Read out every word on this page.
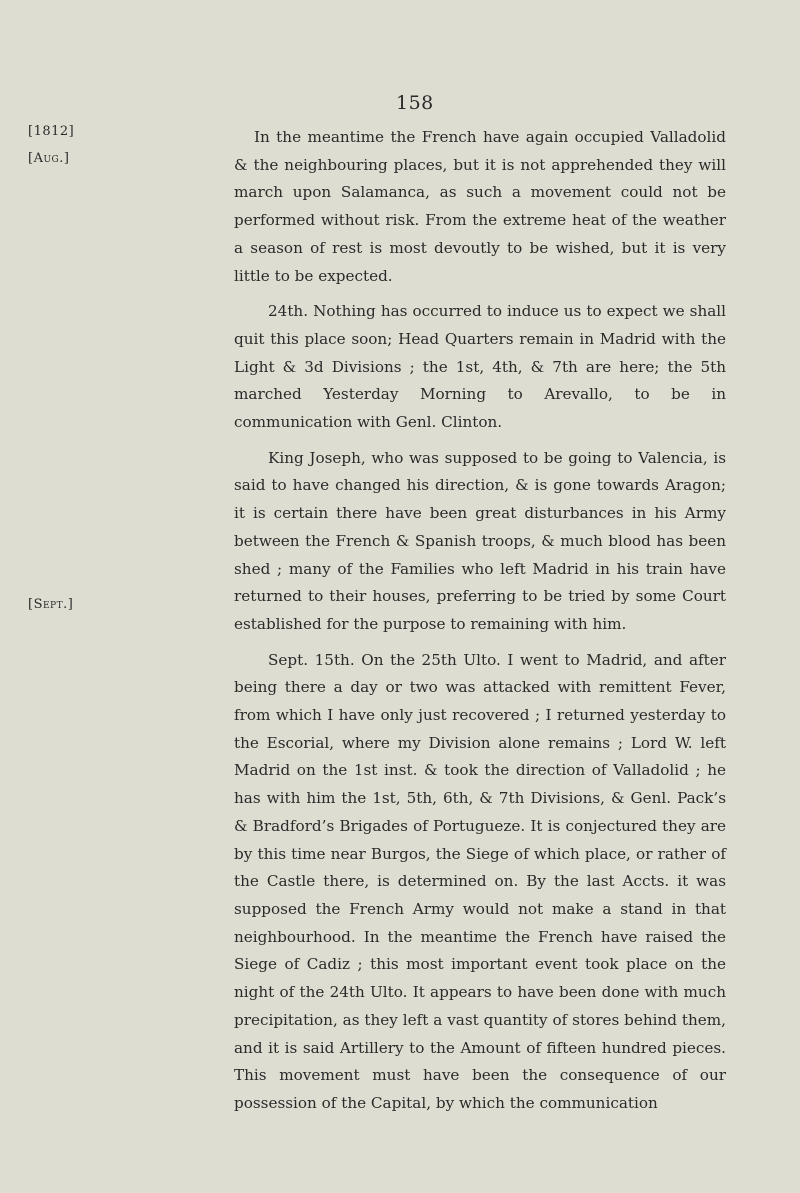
158
[1812]
[Aug.]
[Sept.]

In the meantime the French have again occupied Valladolid & the neighbouring places, but it is not apprehended they will march upon Salamanca, as such a movement could not be performed without risk. From the extreme heat of the weather a season of rest is most devoutly to be wished, but it is very little to be expected.

24th. Nothing has occurred to induce us to expect we shall quit this place soon; Head Quarters remain in Madrid with the Light & 3d Divisions ; the 1st, 4th, & 7th are here; the 5th marched Yesterday Morning to Arevallo, to be in communication with Genl. Clinton.

King Joseph, who was supposed to be going to Valencia, is said to have changed his direction, & is gone towards Aragon; it is certain there have been great disturbances in his Army between the French & Spanish troops, & much blood has been shed ; many of the Families who left Madrid in his train have returned to their houses, preferring to be tried by some Court established for the purpose to remaining with him.

Sept. 15th. On the 25th Ulto. I went to Madrid, and after being there a day or two was attacked with remittent Fever, from which I have only just recovered ; I returned yesterday to the Escorial, where my Division alone remains ; Lord W. left Madrid on the 1st inst. & took the direction of Valladolid ; he has with him the 1st, 5th, 6th, & 7th Divisions, & Genl. Pack’s & Bradford’s Brigades of Portugueze. It is conjectured they are by this time near Burgos, the Siege of which place, or rather of the Castle there, is determined on. By the last Accts. it was supposed the French Army would not make a stand in that neighbourhood. In the meantime the French have raised the Siege of Cadiz ; this most important event took place on the night of the 24th Ulto. It appears to have been done with much precipitation, as they left a vast quantity of stores behind them, and it is said Artillery to the Amount of fifteen hundred pieces. This movement must have been the consequence of our possession of the Capital, by which the communication
